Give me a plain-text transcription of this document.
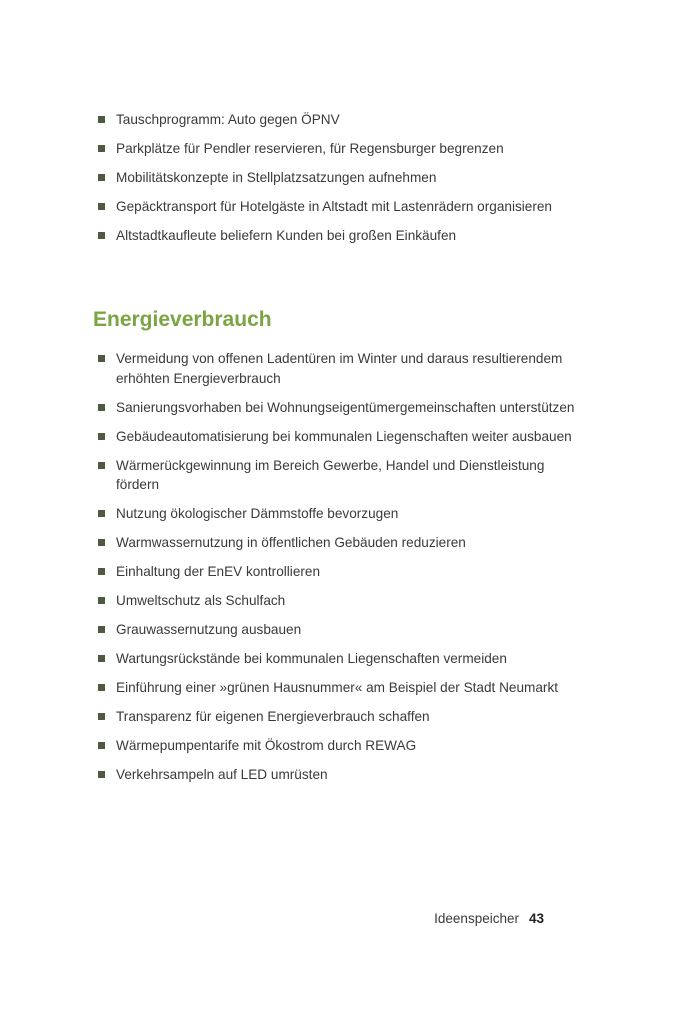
Tauschprogramm: Auto gegen ÖPNV
Parkplätze für Pendler reservieren, für Regensburger begrenzen
Mobilitätskonzepte in Stellplatzsatzungen aufnehmen
Gepäcktransport für Hotelgäste in Altstadt mit Lastenrädern organisieren
Altstadtkaufleute beliefern Kunden bei großen Einkäufen
Energieverbrauch
Vermeidung von offenen Ladentüren im Winter und daraus resultierendem erhöhten Energieverbrauch
Sanierungsvorhaben bei Wohnungseigentümergemeinschaften unterstützen
Gebäudeautomatisierung bei kommunalen Liegenschaften weiter ausbauen
Wärmerückgewinnung im Bereich Gewerbe, Handel und Dienstleistung fördern
Nutzung ökologischer Dämmstoffe bevorzugen
Warmwassernutzung in öffentlichen Gebäuden reduzieren
Einhaltung der EnEV kontrollieren
Umweltschutz als Schulfach
Grauwassernutzung ausbauen
Wartungsrückstände bei kommunalen Liegenschaften vermeiden
Einführung einer »grünen Hausnummer« am Beispiel der Stadt Neumarkt
Transparenz für eigenen Energieverbrauch schaffen
Wärmepumpentarife mit Ökostrom durch REWAG
Verkehrsampeln auf LED umrüsten
Ideenspeicher 43
